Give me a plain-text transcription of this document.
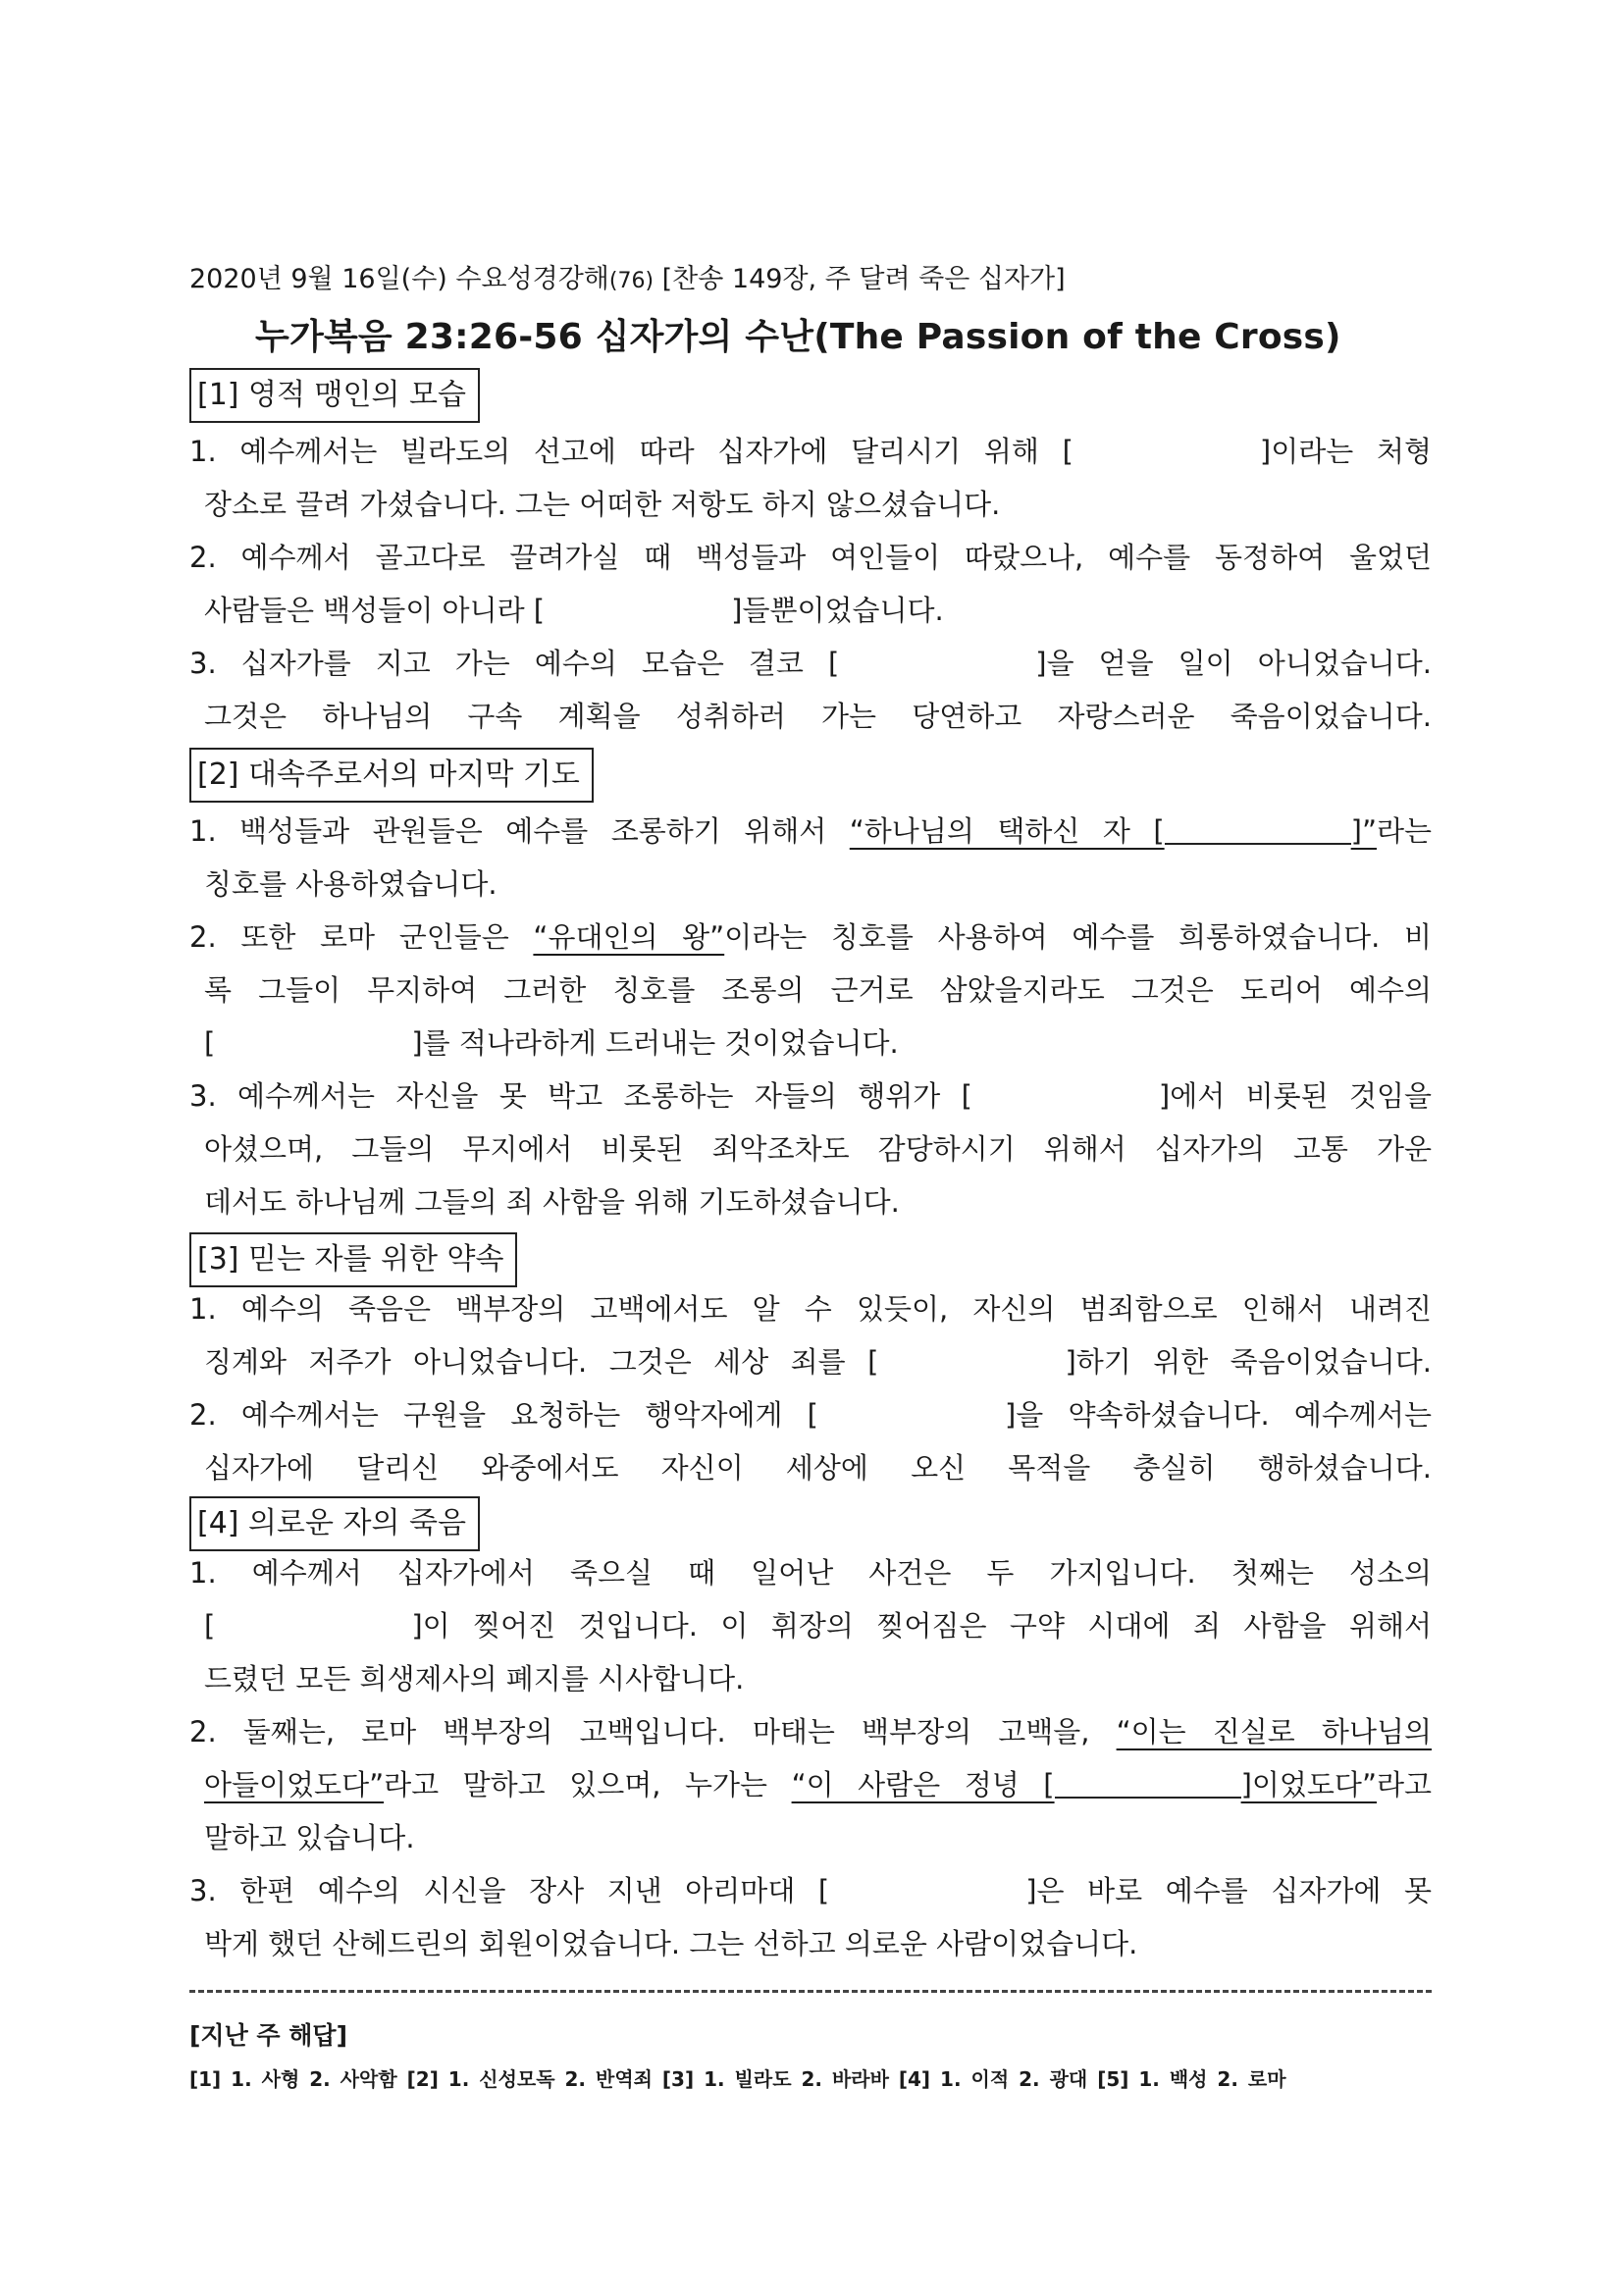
2020년 9월 16일(수) 수요성경강해(76) [찬송 149장, 주 달려 죽은 십자가]
누가복음 23:26-56 십자가의 수난(The Passion of the Cross)
[1] 영적 맹인의 모습
1. 예수께서는 빌라도의 선고에 따라 십자가에 달리시기 위해 [	]이라는 처형
장소로 끌려 가셨습니다. 그는 어떠한 저항도 하지 않으셨습니다.
2. 예수께서 골고다로 끌려가실 때 백성들과 여인들이 따랐으나, 예수를 동정하여 울었던
사람들은 백성들이 아니라 [	]들뿐이었습니다.
3. 십자가를 지고 가는 예수의 모습은 결코 [	]을 얻을 일이 아니었습니다.
그것은 하나님의 구속 계획을 성취하러 가는 당연하고 자랑스러운 죽음이었습니다.
[2] 대속주로서의 마지막 기도
1. 백성들과 관원들은 예수를 조롱하기 위해서 “하나님의 택하신 자 [	]”라는
칭호를 사용하였습니다.
2. 또한 로마 군인들은 “유대인의 왕”이라는 칭호를 사용하여 예수를 희롱하였습니다. 비
록 그들이 무지하여 그러한 칭호를 조롱의 근거로 삼았을지라도 그것은 도리어 예수의
[	]를 적나라하게 드러내는 것이었습니다.
3. 예수께서는 자신을 못 박고 조롱하는 자들의 행위가 [	]에서 비롯된 것임을
아셨으며, 그들의 무지에서 비롯된 죄악조차도 감당하시기 위해서 십자가의 고통 가운
데서도 하나님께 그들의 죄 사함을 위해 기도하셨습니다.
[3] 믿는 자를 위한 약속
1. 예수의 죽음은 백부장의 고백에서도 알 수 있듯이, 자신의 범죄함으로 인해서 내려진
징계와 저주가 아니었습니다. 그것은 세상 죄를 [	]하기 위한 죽음이었습니다.
2. 예수께서는 구원을 요청하는 행악자에게 [	]을 약속하셨습니다. 예수께서는
십자가에 달리신 와중에서도 자신이 세상에 오신 목적을 충실히 행하셨습니다.
[4] 의로운 자의 죽음
1. 예수께서 십자가에서 죽으실 때 일어난 사건은 두 가지입니다. 첫째는 성소의
[	]이 찢어진 것입니다. 이 휘장의 찢어짐은 구약 시대에 죄 사함을 위해서
드렸던 모든 희생제사의 폐지를 시사합니다.
2. 둘째는, 로마 백부장의 고백입니다. 마태는 백부장의 고백을, “이는 진실로 하나님의
아들이었도다”라고 말하고 있으며, 누가는 “이 사람은 정녕 [	]이었도다”라고
말하고 있습니다.
3. 한편 예수의 시신을 장사 지낸 아리마대 [	]은 바로 예수를 십자가에 못
박게 했던 산헤드린의 회원이었습니다. 그는 선하고 의로운 사람이었습니다.
[지난 주 해답]
[1] 1. 사형 2. 사악함 [2] 1. 신성모독 2. 반역죄 [3] 1. 빌라도 2. 바라바 [4] 1. 이적 2. 광대 [5] 1. 백성 2. 로마
